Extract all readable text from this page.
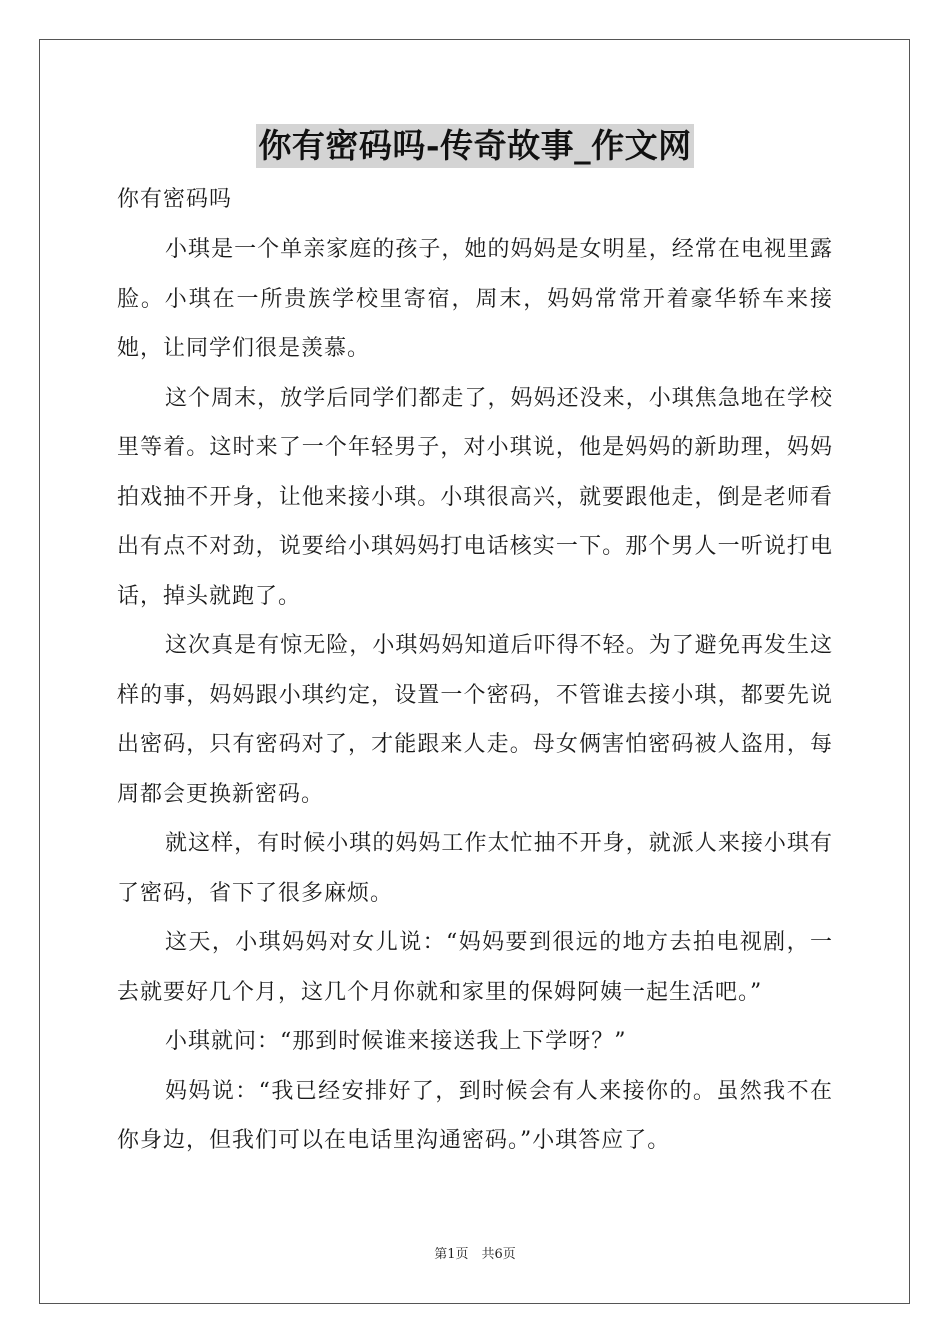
你有密码吗-传奇故事_作文网

你有密码吗

小琪是一个单亲家庭的孩子，她的妈妈是女明星，经常在电视里露脸。小琪在一所贵族学校里寄宿，周末，妈妈常常开着豪华轿车来接她，让同学们很是羡慕。

这个周末，放学后同学们都走了，妈妈还没来，小琪焦急地在学校里等着。这时来了一个年轻男子，对小琪说，他是妈妈的新助理，妈妈拍戏抽不开身，让他来接小琪。小琪很高兴，就要跟他走，倒是老师看出有点不对劲，说要给小琪妈妈打电话核实一下。那个男人一听说打电话，掉头就跑了。

这次真是有惊无险，小琪妈妈知道后吓得不轻。为了避免再发生这样的事，妈妈跟小琪约定，设置一个密码，不管谁去接小琪，都要先说出密码，只有密码对了，才能跟来人走。母女俩害怕密码被人盗用，每周都会更换新密码。

就这样，有时候小琪的妈妈工作太忙抽不开身，就派人来接小琪有了密码，省下了很多麻烦。

这天，小琪妈妈对女儿说：“妈妈要到很远的地方去拍电视剧，一去就要好几个月，这几个月你就和家里的保姆阿姨一起生活吧。”

小琪就问：“那到时候谁来接送我上下学呀？”

妈妈说：“我已经安排好了，到时候会有人来接你的。虽然我不在你身边，但我们可以在电话里沟通密码。”小琪答应了。

第1页　共6页
